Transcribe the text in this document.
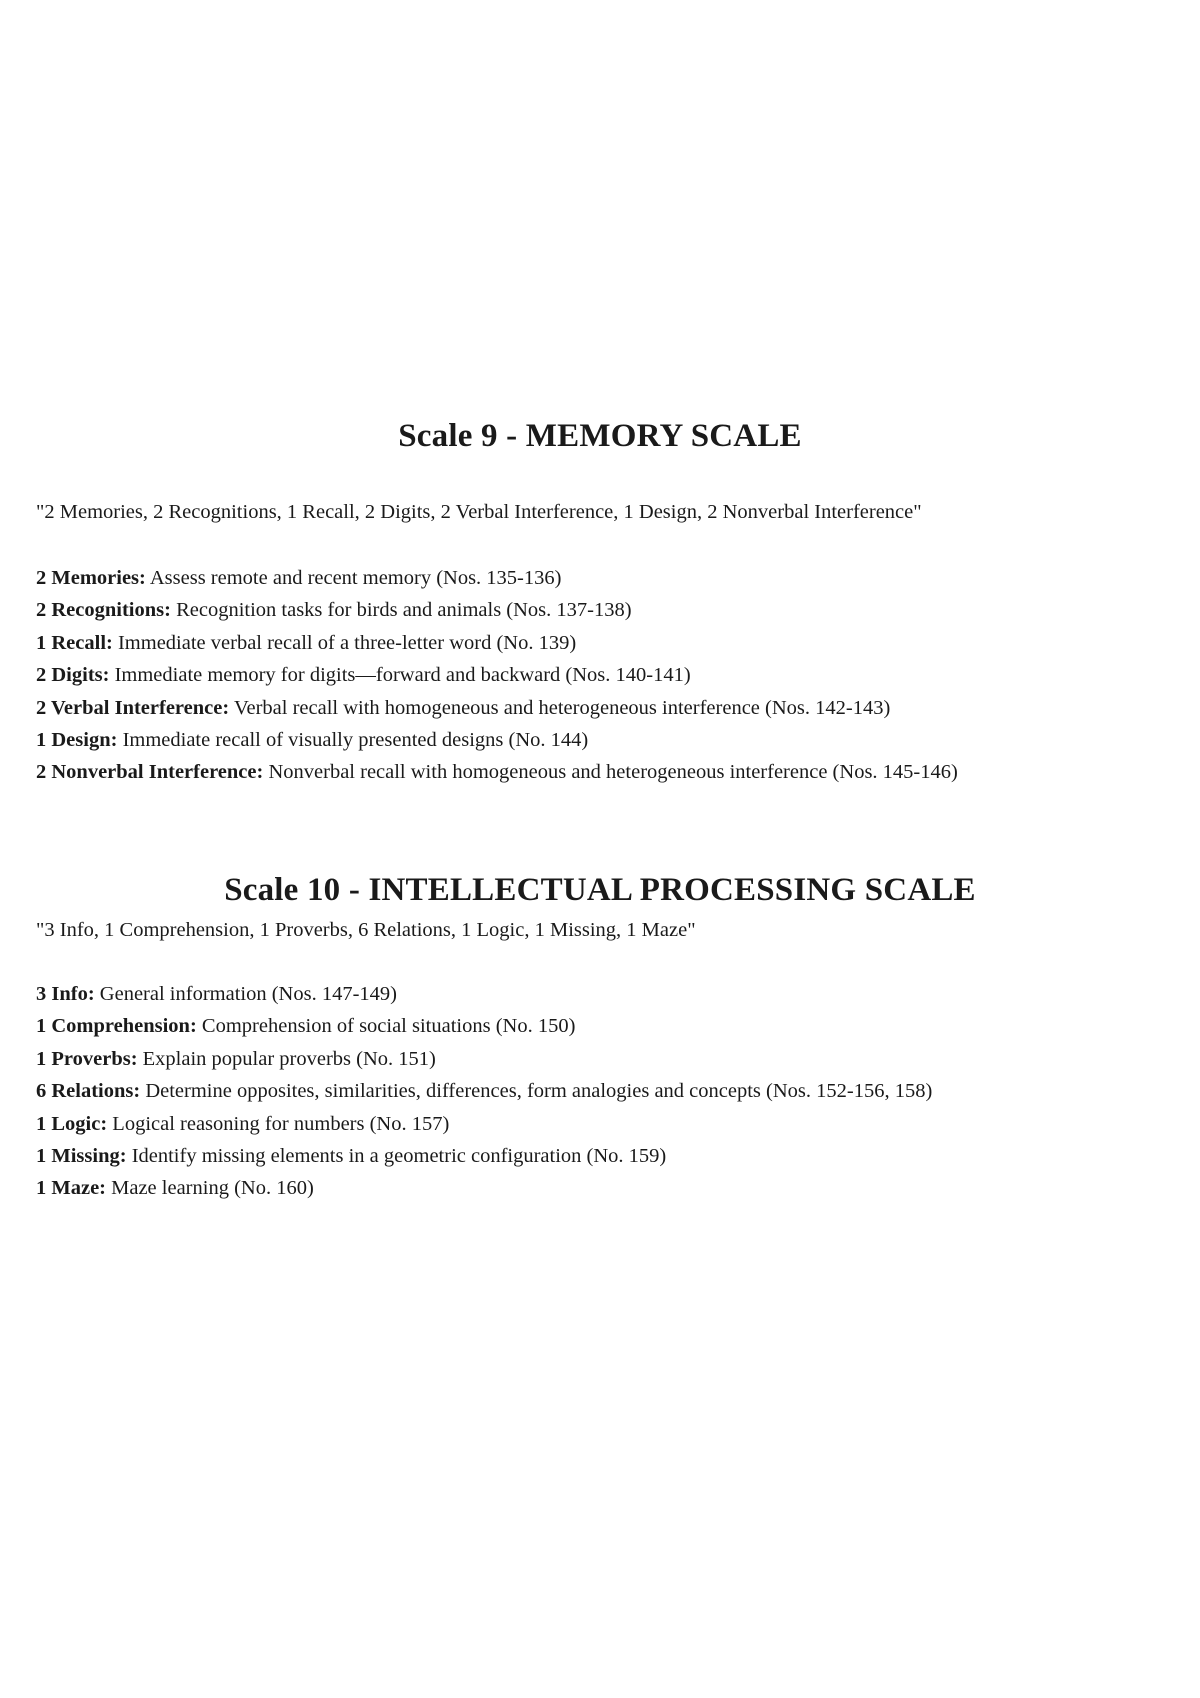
Scale 9 - MEMORY SCALE
"2 Memories, 2 Recognitions, 1 Recall, 2 Digits, 2 Verbal Interference, 1 Design, 2 Nonverbal Interference"
2 Memories: Assess remote and recent memory (Nos. 135-136)
2 Recognitions: Recognition tasks for birds and animals (Nos. 137-138)
1 Recall: Immediate verbal recall of a three-letter word (No. 139)
2 Digits: Immediate memory for digits—forward and backward (Nos. 140-141)
2 Verbal Interference: Verbal recall with homogeneous and heterogeneous interference (Nos. 142-143)
1 Design: Immediate recall of visually presented designs (No. 144)
2 Nonverbal Interference: Nonverbal recall with homogeneous and heterogeneous interference (Nos. 145-146)
Scale 10 - INTELLECTUAL PROCESSING SCALE
"3 Info, 1 Comprehension, 1 Proverbs, 6 Relations, 1 Logic, 1 Missing, 1 Maze"
3 Info: General information (Nos. 147-149)
1 Comprehension: Comprehension of social situations (No. 150)
1 Proverbs: Explain popular proverbs (No. 151)
6 Relations: Determine opposites, similarities, differences, form analogies and concepts (Nos. 152-156, 158)
1 Logic: Logical reasoning for numbers (No. 157)
1 Missing: Identify missing elements in a geometric configuration (No. 159)
1 Maze: Maze learning (No. 160)
